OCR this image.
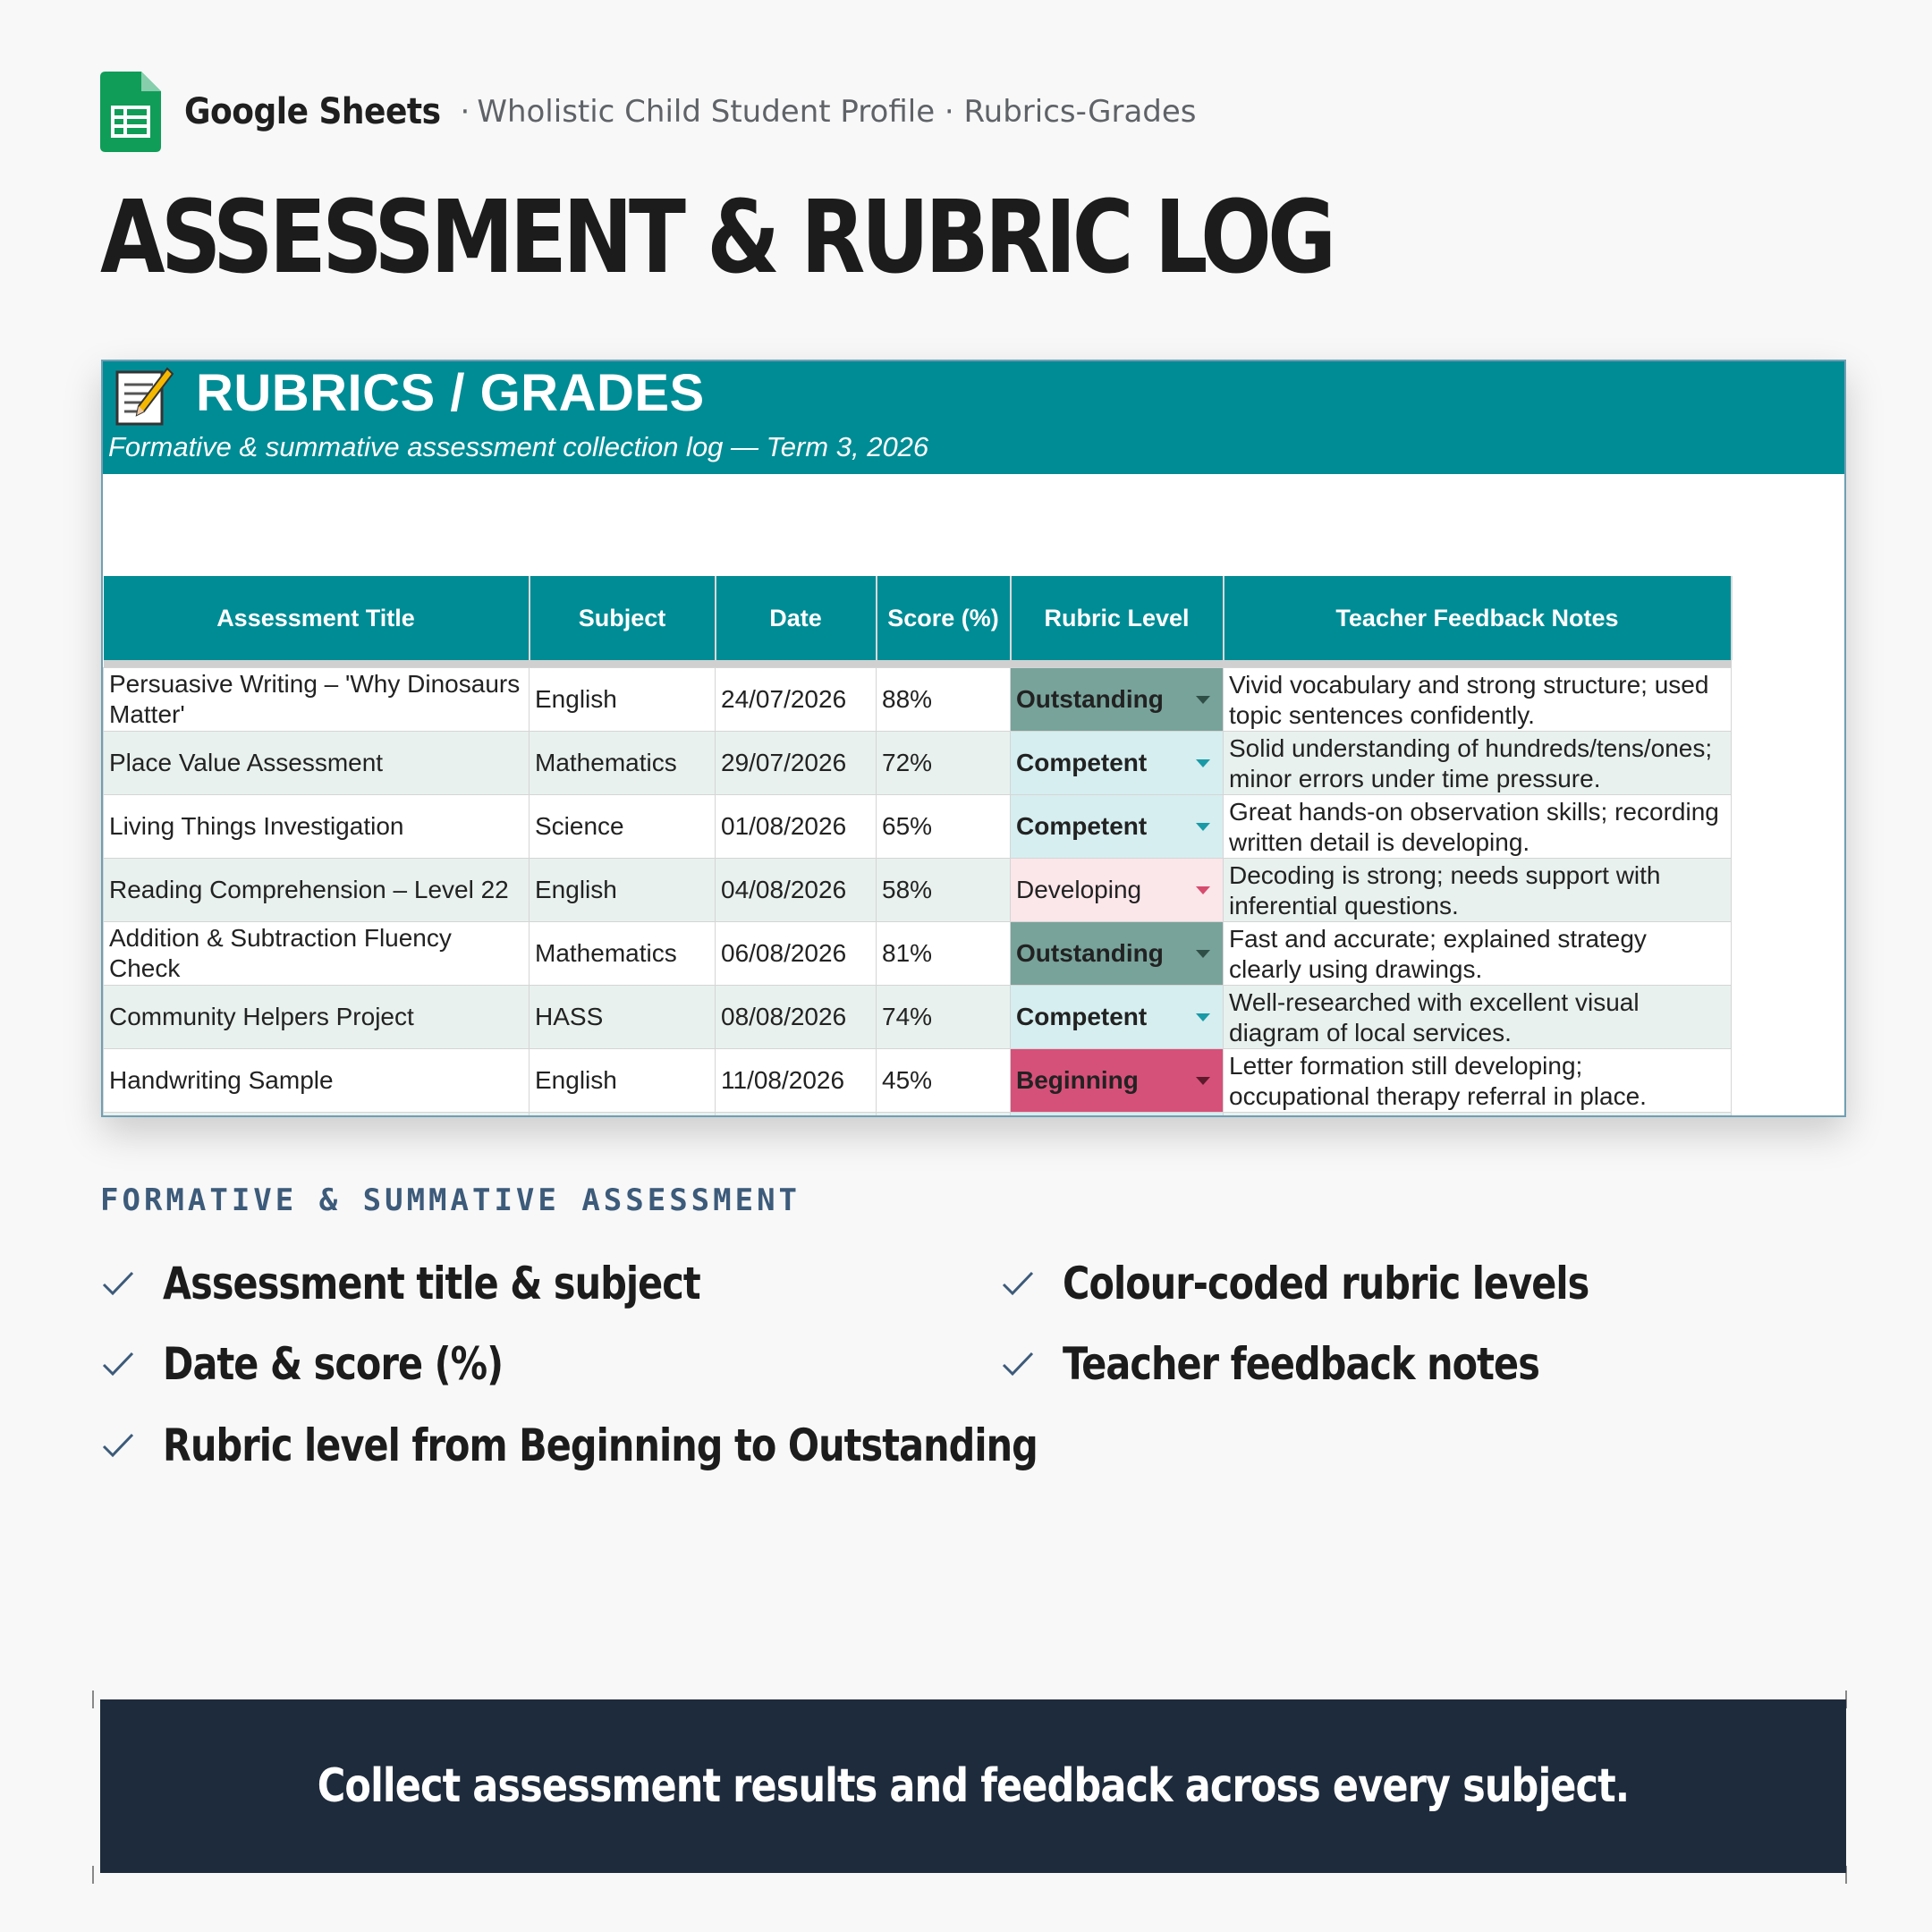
Google Sheets · Wholistic Child Student Profile · Rubrics-Grades
ASSESSMENT & RUBRIC LOG
RUBRICS / GRADES
Formative & summative assessment collection log — Term 3, 2026
Assessment Title	Subject	Date	Score (%)	Rubric Level	Teacher Feedback Notes

Persuasive Writing – 'Why Dinosaurs Matter'	English	24/07/2026	88%	Outstanding	Vivid vocabulary and strong structure; used topic sentences confidently.
Place Value Assessment	Mathematics	29/07/2026	72%	Competent	Solid understanding of hundreds/tens/ones; minor errors under time pressure.
Living Things Investigation	Science	01/08/2026	65%	Competent	Great hands-on observation skills; recording written detail is developing.
Reading Comprehension – Level 22	English	04/08/2026	58%	Developing	Decoding is strong; needs support with inferential questions.
Addition & Subtraction Fluency Check	Mathematics	06/08/2026	81%	Outstanding	Fast and accurate; explained strategy clearly using drawings.
Community Helpers Project	HASS	08/08/2026	74%	Competent	Well-researched with excellent visual diagram of local services.
Handwriting Sample	English	11/08/2026	45%	Beginning	Letter formation still developing; occupational therapy referral in place.

FORMATIVE & SUMMATIVE ASSESSMENT
Assessment title & subject
Date & score (%)
Rubric level from Beginning to Outstanding
Colour-coded rubric levels
Teacher feedback notes
Collect assessment results and feedback across every subject.
